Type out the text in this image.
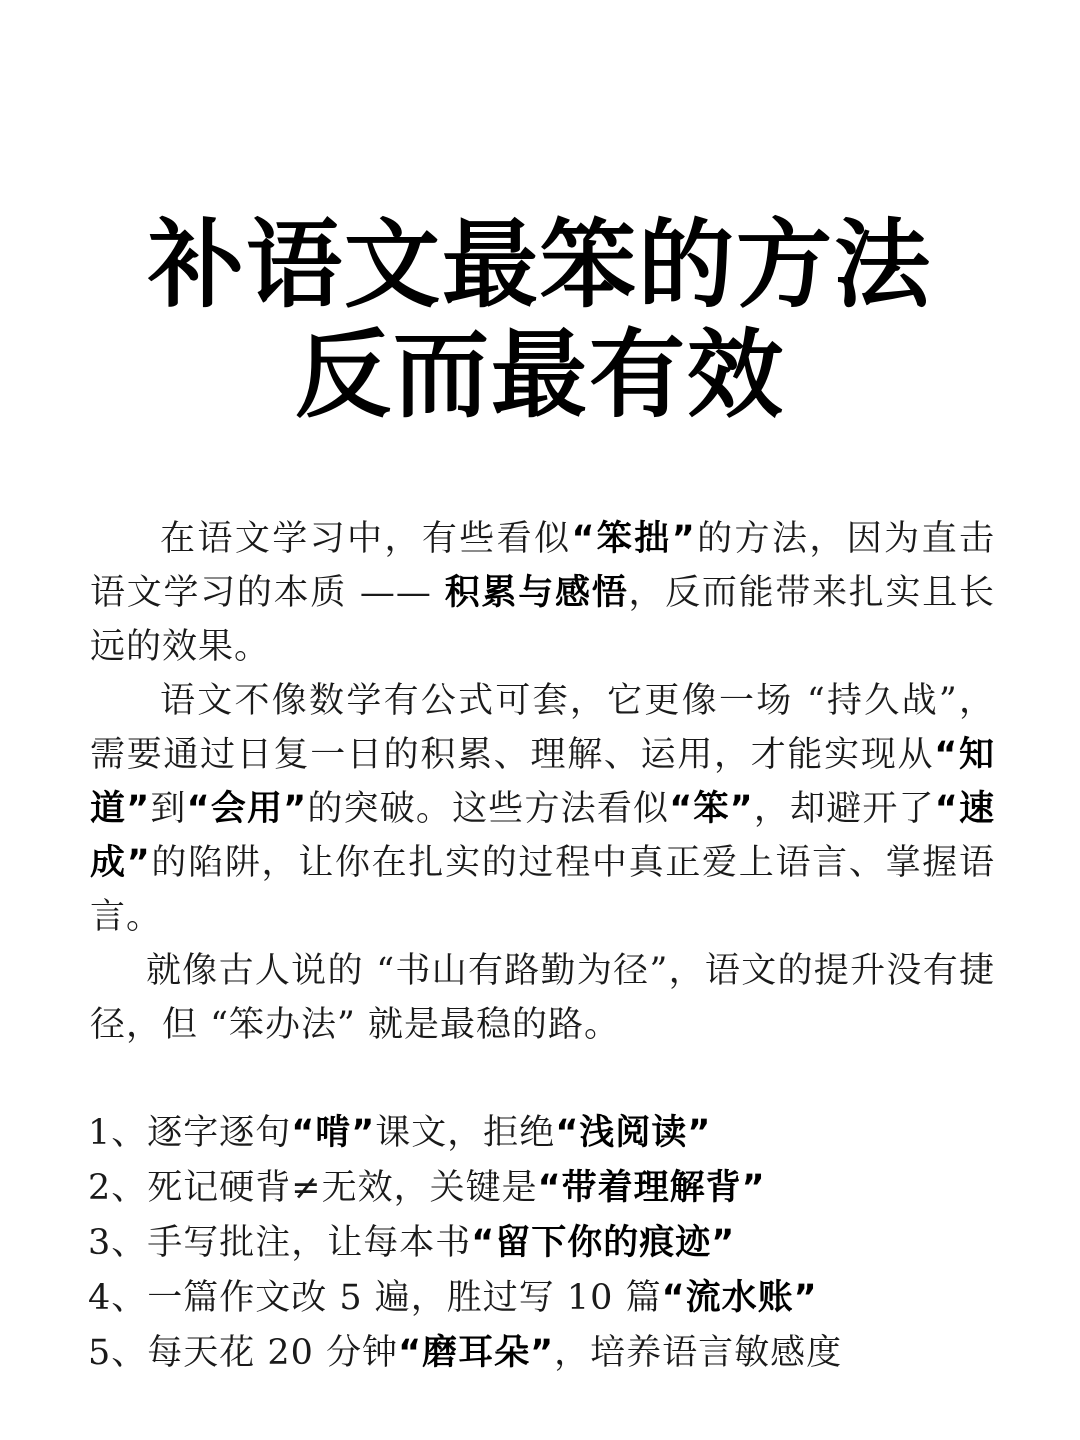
补语文最笨的方法
反而最有效

在语文学习中，有些看似“笨拙”的方法，因为直击语文学习的本质 —— 积累与感悟，反而能带来扎实且长远的效果。

语文不像数学有公式可套，它更像一场 “持久战”，需要通过日复一日的积累、理解、运用，才能实现从“知道”到“会用”的突破。这些方法看似“笨”，却避开了“速成”的陷阱，让你在扎实的过程中真正爱上语言、掌握语言。

就像古人说的 “书山有路勤为径”，语文的提升没有捷径，但 “笨办法” 就是最稳的路。

1、逐字逐句“啃”课文，拒绝“浅阅读”
2、死记硬背≠无效，关键是“带着理解背”
3、手写批注，让每本书“留下你的痕迹”
4、一篇作文改 5 遍，胜过写 10 篇“流水账”
5、每天花 20 分钟“磨耳朵”，培养语言敏感度
